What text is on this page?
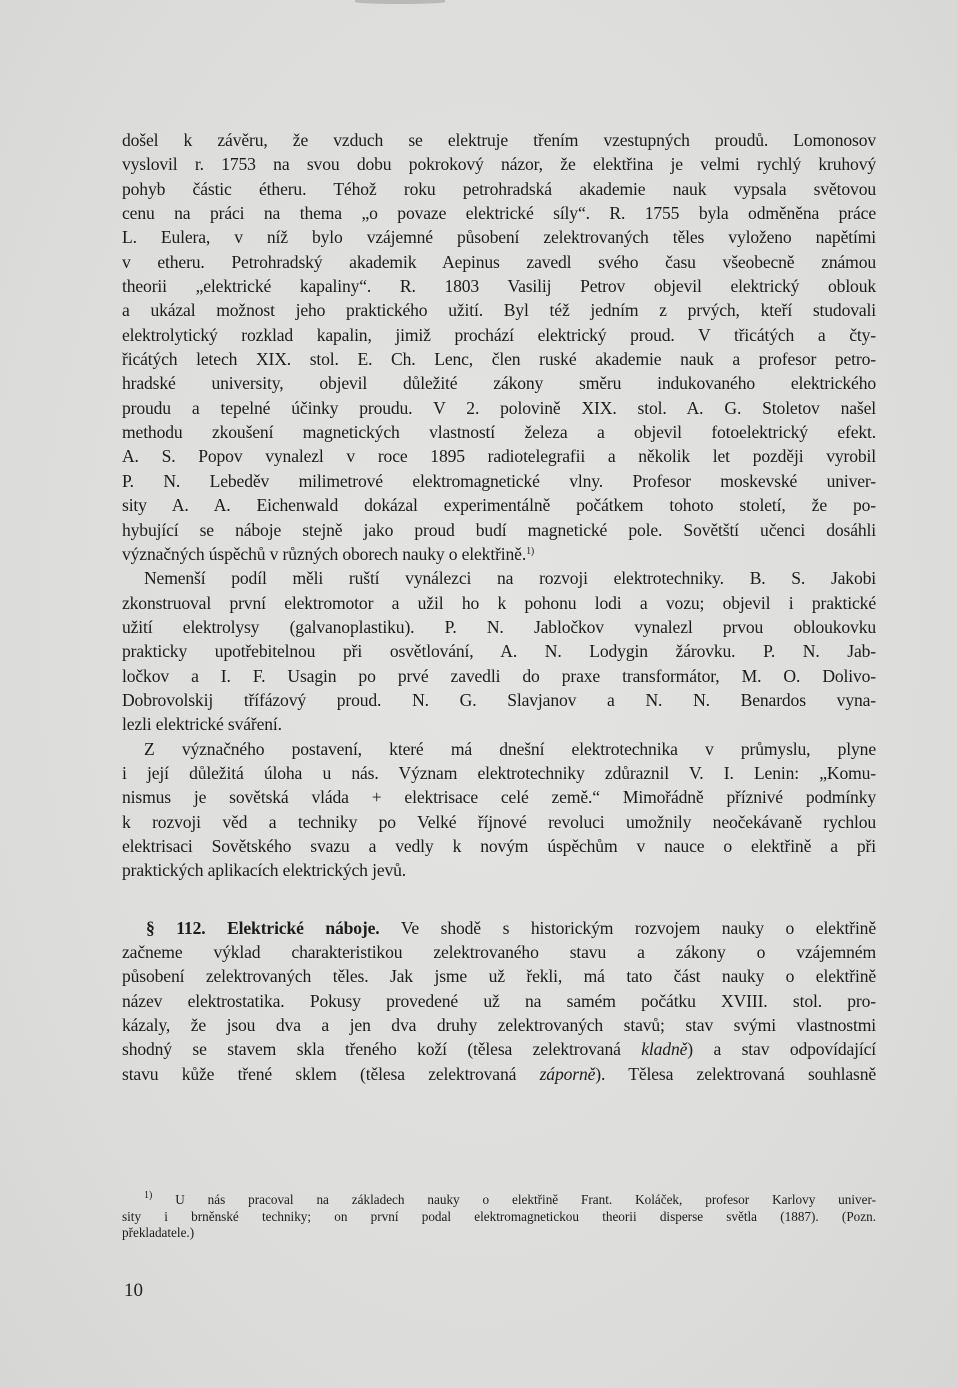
došel k závěru, že vzduch se elektruje třením vzestupných proudů. Lomonosov
vyslovil r. 1753 na svou dobu pokrokový názor, že elektřina je velmi rychlý kruhový
pohyb částic étheru. Téhož roku petrohradská akademie nauk vypsala světovou
cenu na práci na thema „o povaze elektrické síly“. R. 1755 byla odměněna práce
L. Eulera, v níž bylo vzájemné působení zelektrovaných těles vyloženo napětími
v etheru. Petrohradský akademik Aepinus zavedl svého času všeobecně známou
theorii „elektrické kapaliny“. R. 1803 Vasilij Petrov objevil elektrický oblouk
a ukázal možnost jeho praktického užití. Byl též jedním z prvých, kteří studovali
elektrolytický rozklad kapalin, jimiž prochází elektrický proud. V třicátých a čty-
řicátých letech XIX. stol. E. Ch. Lenc, člen ruské akademie nauk a profesor petro-
hradské university, objevil důležité zákony směru indukovaného elektrického
proudu a tepelné účinky proudu. V 2. polovině XIX. stol. A. G. Stoletov našel
methodu zkoušení magnetických vlastností železa a objevil fotoelektrický efekt.
A. S. Popov vynalezl v roce 1895 radiotelegrafii a několik let později vyrobil
P. N. Lebeděv milimetrové elektromagnetické vlny. Profesor moskevské univer-
sity A. A. Eichenwald dokázal experimentálně počátkem tohoto století, že po-
hybující se náboje stejně jako proud budí magnetické pole. Sovětští učenci dosáhli
význačných úspěchů v různých oborech nauky o elektřině.$^{1)}$
Nemenší podíl měli ruští vynálezci na rozvoji elektrotechniky. B. S. Jakobi
zkonstruoval první elektromotor a užil ho k pohonu lodi a vozu; objevil i praktické
užití elektrolysy (galvanoplastiku). P. N. Jabločkov vynalezl prvou obloukovku
prakticky upotřebitelnou při osvětlování, A. N. Lodygin žárovku. P. N. Jab-
ločkov a I. F. Usagin po prvé zavedli do praxe transformátor, M. O. Dolivo-
Dobrovolskij třífázový proud. N. G. Slavjanov a N. N. Benardos vyna-
lezli elektrické sváření.
Z význačného postavení, které má dnešní elektrotechnika v průmyslu, plyne
i její důležitá úloha u nás. Význam elektrotechniky zdůraznil V. I. Lenin: „Komu-
nismus je sovětská vláda + elektrisace celé země.“ Mimořádně příznivé podmínky
k rozvoji věd a techniky po Velké říjnové revoluci umožnily neočekávaně rychlou
elektrisaci Sovětského svazu a vedly k novým úspěchům v nauce o elektřině a při
praktických aplikacích elektrických jevů.
§ 112. Elektrické náboje. Ve shodě s historickým rozvojem nauky o elektřině
začneme výklad charakteristikou zelektrovaného stavu a zákony o vzájemném
působení zelektrovaných těles. Jak jsme už řekli, má tato část nauky o elektřině
název elektrostatika. Pokusy provedené už na samém počátku XVIII. stol. pro-
kázaly, že jsou dva a jen dva druhy zelektrovaných stavů; stav svými vlastnostmi
shodný se stavem skla třeného koží (tělesa zelektrovaná kladně) a stav odpovídající
stavu kůže třené sklem (tělesa zelektrovaná záporně). Tělesa zelektrovaná souhlasně
$^{1)}$ U nás pracoval na základech nauky o elektřině Frant. Koláček, profesor Karlovy univer-
sity i brněnské techniky; on první podal elektromagnetickou theorii disperse světla (1887). (Pozn.
překladatele.)
10
